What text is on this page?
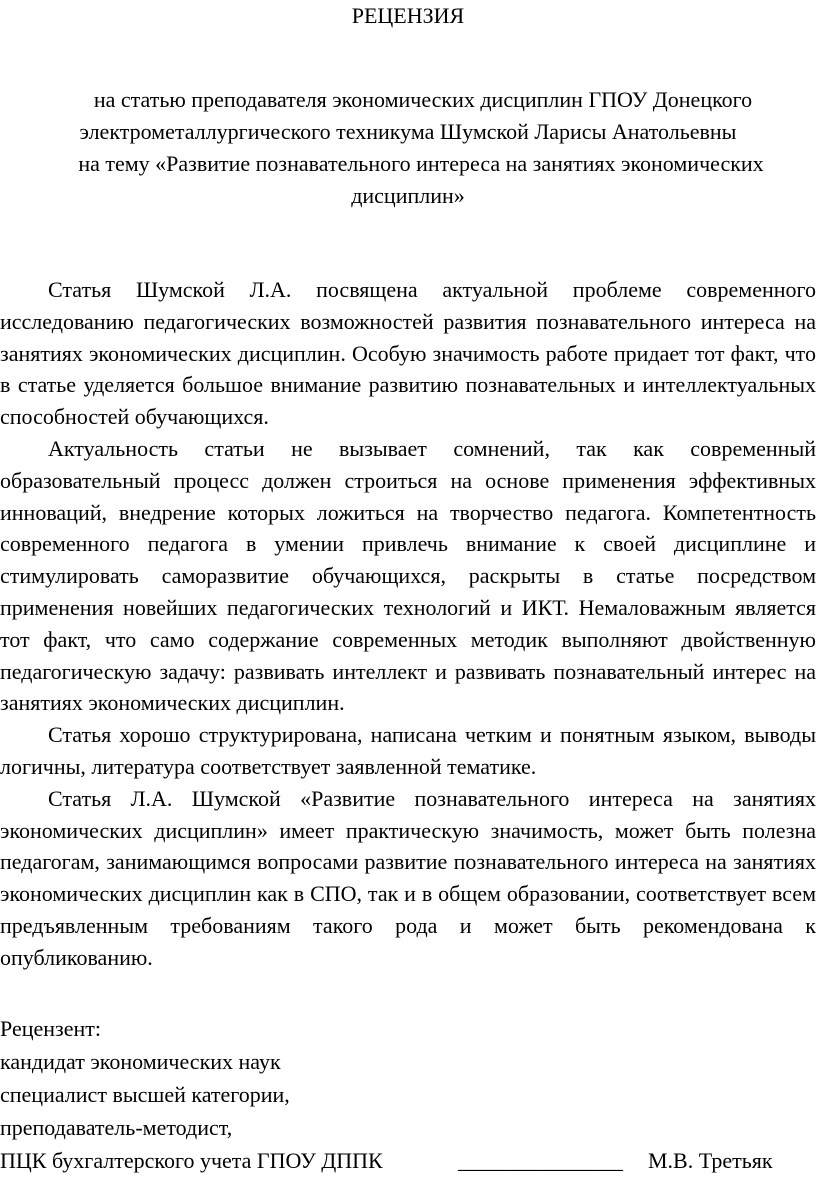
РЕЦЕНЗИЯ
на статью преподавателя экономических дисциплин ГПОУ Донецкого
электрометаллургического техникума Шумской Ларисы Анатольевны
на тему «Развитие познавательного интереса на занятиях экономических
дисциплин»

Статья Шумской Л.А. посвящена актуальной проблеме современного исследованию педагогических возможностей развития познавательного интереса на занятиях экономических дисциплин. Особую значимость работе придает тот факт, что в статье уделяется большое внимание развитию познавательных и интеллектуальных способностей обучающихся.

Актуальность статьи не вызывает сомнений, так как современный образовательный процесс должен строиться на основе применения эффективных инноваций, внедрение которых ложиться на творчество педагога. Компетентность современного педагога в умении привлечь внимание к своей дисциплине и стимулировать саморазвитие обучающихся, раскрыты в статье посредством применения новейших педагогических технологий и ИКТ. Немаловажным является тот факт, что само содержание современных методик выполняют двойственную педагогическую задачу: развивать интеллект и развивать познавательный интерес на занятиях экономических дисциплин.

Статья хорошо структурирована, написана четким и понятным языком, выводы логичны, литература соответствует заявленной тематике.

Статья Л.А. Шумской «Развитие познавательного интереса на занятиях экономических дисциплин» имеет практическую значимость, может быть полезна педагогам, занимающимся вопросами развитие познавательного интереса на занятиях экономических дисциплин как в СПО, так и в общем образовании, соответствует всем предъявленным требованиям такого рода и может быть рекомендована к опубликованию.

Рецензент:
кандидат экономических наук
специалист высшей категории,
преподаватель-методист,
ПЦК бухгалтерского учета ГПОУ ДППК	_______________ М.В. Третьяк
